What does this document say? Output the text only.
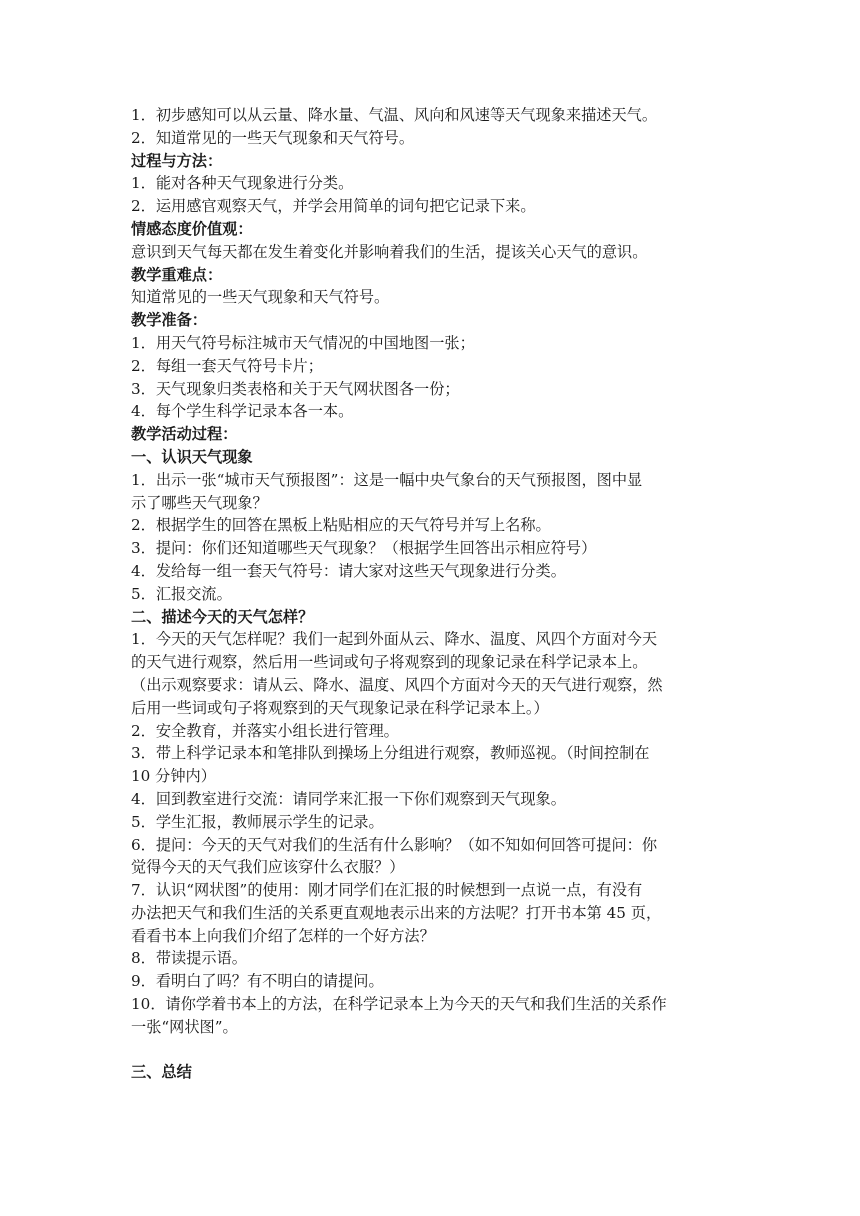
1．初步感知可以从云量、降水量、气温、风向和风速等天气现象来描述天气。
2．知道常见的一些天气现象和天气符号。
过程与方法：
1．能对各种天气现象进行分类。
2．运用感官观察天气，并学会用简单的词句把它记录下来。
情感态度价值观：
意识到天气每天都在发生着变化并影响着我们的生活，提该关心天气的意识。
教学重难点：
知道常见的一些天气现象和天气符号。
教学准备：
1．用天气符号标注城市天气情况的中国地图一张；
2．每组一套天气符号卡片；
3．天气现象归类表格和关于天气网状图各一份；
4．每个学生科学记录本各一本。
教学活动过程：
一、认识天气现象
1．出示一张“城市天气预报图”：这是一幅中央气象台的天气预报图，图中显
示了哪些天气现象？
2．根据学生的回答在黑板上粘贴相应的天气符号并写上名称。
3．提问：你们还知道哪些天气现象？（根据学生回答出示相应符号）
4．发给每一组一套天气符号：请大家对这些天气现象进行分类。
5．汇报交流。
二、描述今天的天气怎样？
1．今天的天气怎样呢？我们一起到外面从云、降水、温度、风四个方面对今天
的天气进行观察，然后用一些词或句子将观察到的现象记录在科学记录本上。
（出示观察要求：请从云、降水、温度、风四个方面对今天的天气进行观察，然
后用一些词或句子将观察到的天气现象记录在科学记录本上。）
2．安全教育，并落实小组长进行管理。
3．带上科学记录本和笔排队到操场上分组进行观察，教师巡视。（时间控制在
10 分钟内）
4．回到教室进行交流：请同学来汇报一下你们观察到天气现象。
5．学生汇报，教师展示学生的记录。
6．提问：今天的天气对我们的生活有什么影响？（如不知如何回答可提问：你
觉得今天的天气我们应该穿什么衣服？）
7．认识“网状图”的使用：刚才同学们在汇报的时候想到一点说一点，有没有
办法把天气和我们生活的关系更直观地表示出来的方法呢？打开书本第 45 页，
看看书本上向我们介绍了怎样的一个好方法？
8．带读提示语。
9．看明白了吗？有不明白的请提问。
10．请你学着书本上的方法，在科学记录本上为今天的天气和我们生活的关系作
一张“网状图”。
三、总结
